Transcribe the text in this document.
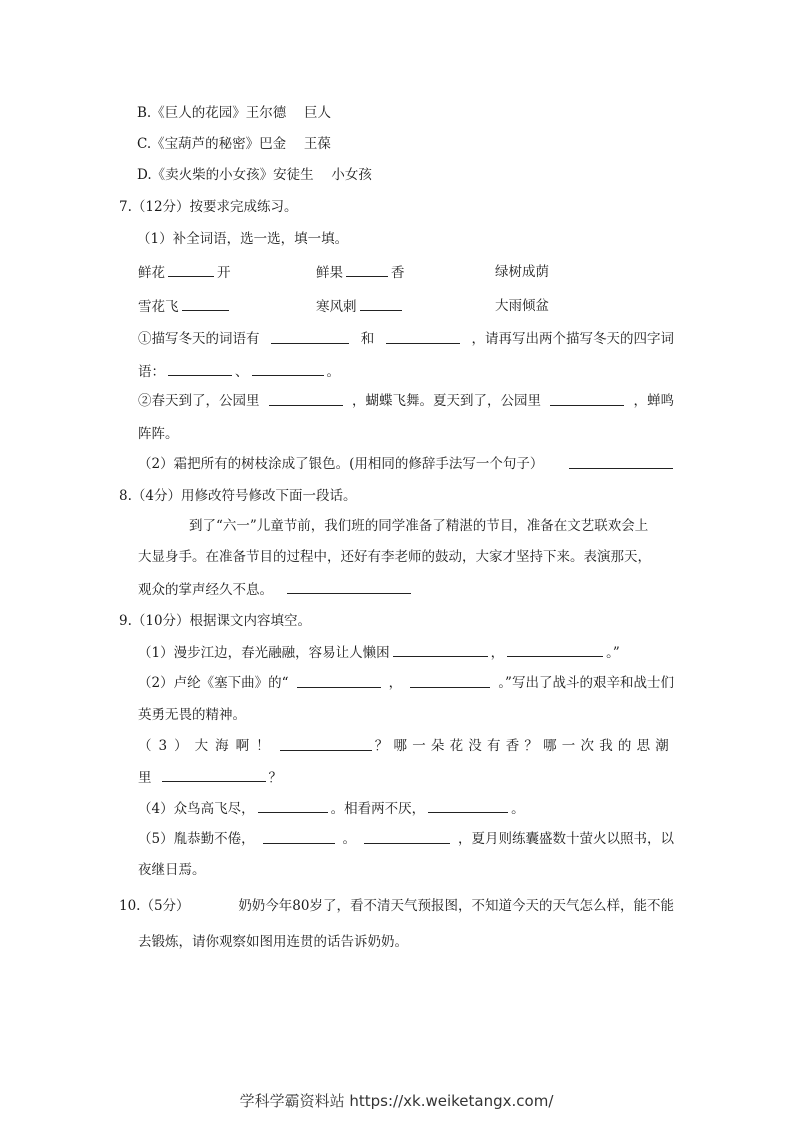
B.《巨人的花园》王尔德　 巨人
C.《宝葫芦的秘密》巴金　 王葆
D.《卖火柴的小女孩》安徒生　 小女孩
7.（12分）按要求完成练习。
（1）补全词语，选一选，填一填。
鲜花	开	鲜果	香	绿树成荫
雪花飞	寒风刺	大雨倾盆
①描写冬天的词语有	和	，请再写出两个描写冬天的四字词
语：	、	。
②春天到了，公园里	，蝴蝶飞舞。夏天到了，公园里	，蝉鸣
阵阵。
（2）霜把所有的树枝涂成了银色。(用相同的修辞手法写一个句子）
8.（4分）用修改符号修改下面一段话。
到了“六一”儿童节前，我们班的同学准备了精湛的节目，准备在文艺联欢会上
大显身手。在准备节目的过程中，还好有李老师的鼓动，大家才坚持下来。表演那天，
观众的掌声经久不息。
9.（10分）根据课文内容填空。
（1）漫步江边，春光融融，容易让人懒困	，	。”
（2）卢纶《塞下曲》的“	，	。”写出了战斗的艰辛和战士们
英勇无畏的精神。
（3）大海啊！	？哪一朵花没有香？哪一次我的思潮
里	？
（4）众鸟高飞尽，	。相看两不厌，	。
（5）胤恭勤不倦，	。	，夏月则练囊盛数十萤火以照书，以
夜继日焉。
10.（5分）	奶奶今年80岁了，看不清天气预报图，不知道今天的天气怎么样，能不能
去锻炼，请你观察如图用连贯的话告诉奶奶。
学科学霸资料站 https://xk.weiketangx.com/
